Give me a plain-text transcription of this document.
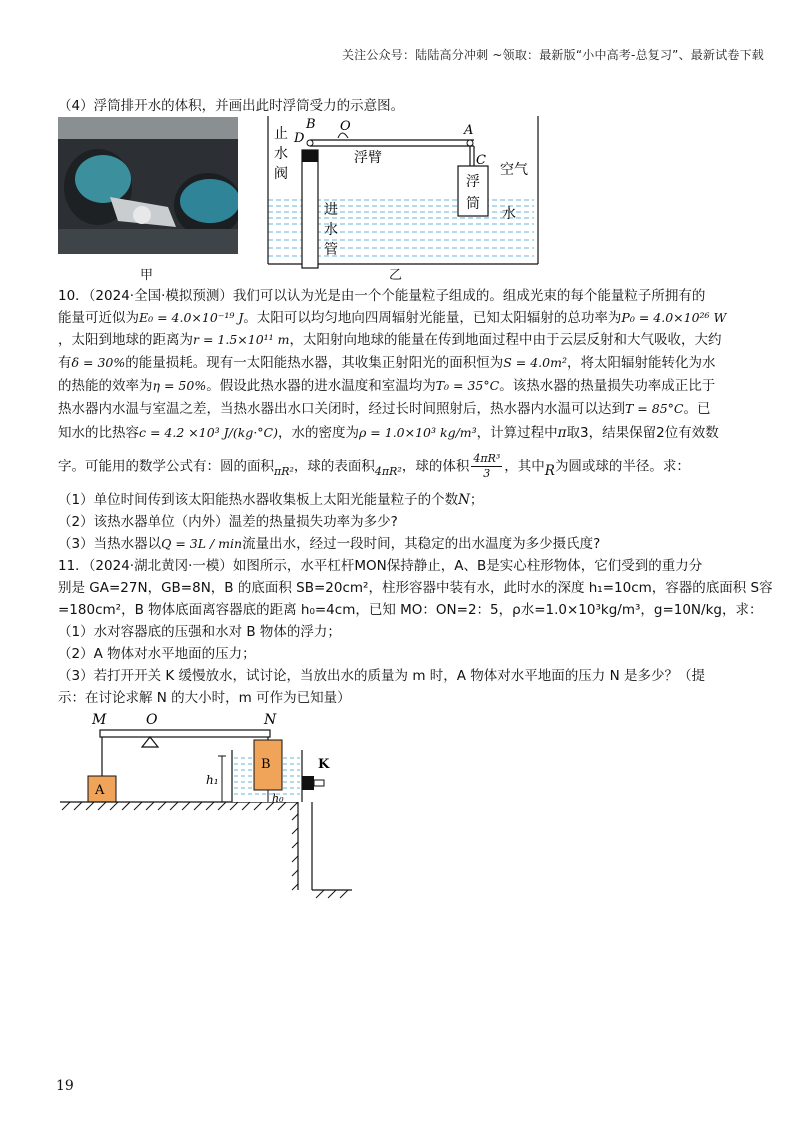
关注公众号：陆陆高分冲刺 ~领取：最新版“小中高考-总复习”、最新试卷下载
（4）浮筒排开水的体积，并画出此时浮筒受力的示意图。
甲
B
D
O	A
C
止
水
阀
浮臂
进
水
管
浮
筒
空气
水
乙
10．（2024·全国·模拟预测）我们可以认为光是由一个个能量粒子组成的。组成光束的每个能量粒子所拥有的
能量可近似为E₀ = 4.0×10⁻¹⁹ J。太阳可以均匀地向四周辐射光能量，已知太阳辐射的总功率为P₀ = 4.0×10²⁶ W
，太阳到地球的距离为r = 1.5×10¹¹ m，太阳射向地球的能量在传到地面过程中由于云层反射和大气吸收，大约
有δ = 30%的能量损耗。现有一太阳能热水器，其收集正射阳光的面积恒为S = 4.0m²，将太阳辐射能转化为水
的热能的效率为η = 50%。假设此热水器的进水温度和室温均为T₀ = 35°C。该热水器的热量损失功率成正比于
热水器内水温与室温之差，当热水器出水口关闭时，经过长时间照射后，热水器内水温可以达到T = 85°C。已
知水的比热容c = 4.2 ×10³ J/(kg·°C)，水的密度为ρ = 1.0×10³ kg/m³，计算过程中π取3，结果保留2位有效数
字。可能用的数学公式有：圆的面积$_{\pi R^2}$，球的表面积$_{4\pi R^2}$，球的体积 $\frac{\text{4πR³}}{3}$ ，其中R为圆或球的半径。求：
（1）单位时间传到该太阳能热水器收集板上太阳光能量粒子的个数N；
（2）该热水器单位（内外）温差的热量损失功率为多少?
（3）当热水器以Q = 3L / min流量出水，经过一段时间，其稳定的出水温度为多少摄氏度?
11．（2024·湖北黄冈·一模）如图所示，水平杠杆MON保持静止，A、B是实心柱形物体，它们受到的重力分
别是 GA=27N，GB=8N，B 的底面积 SB=20cm²，柱形容器中装有水，此时水的深度 h₁=10cm，容器的底面积 S容
=180cm²，B 物体底面离容器底的距离 h₀=4cm，已知 MO：ON=2：5，ρ水=1.0×10³kg/m³，g=10N/kg，求：
（1）水对容器底的压强和水对 B 物体的浮力；
（2）A 物体对水平地面的压力；
（3）若打开开关 K 缓慢放水，试讨论，当放出水的质量为 m 时，A 物体对水平地面的压力 N 是多少？（提
示：在讨论求解 N 的大小时，m 可作为已知量）
M	O	N
A
B
h₁
h₀
K
19
